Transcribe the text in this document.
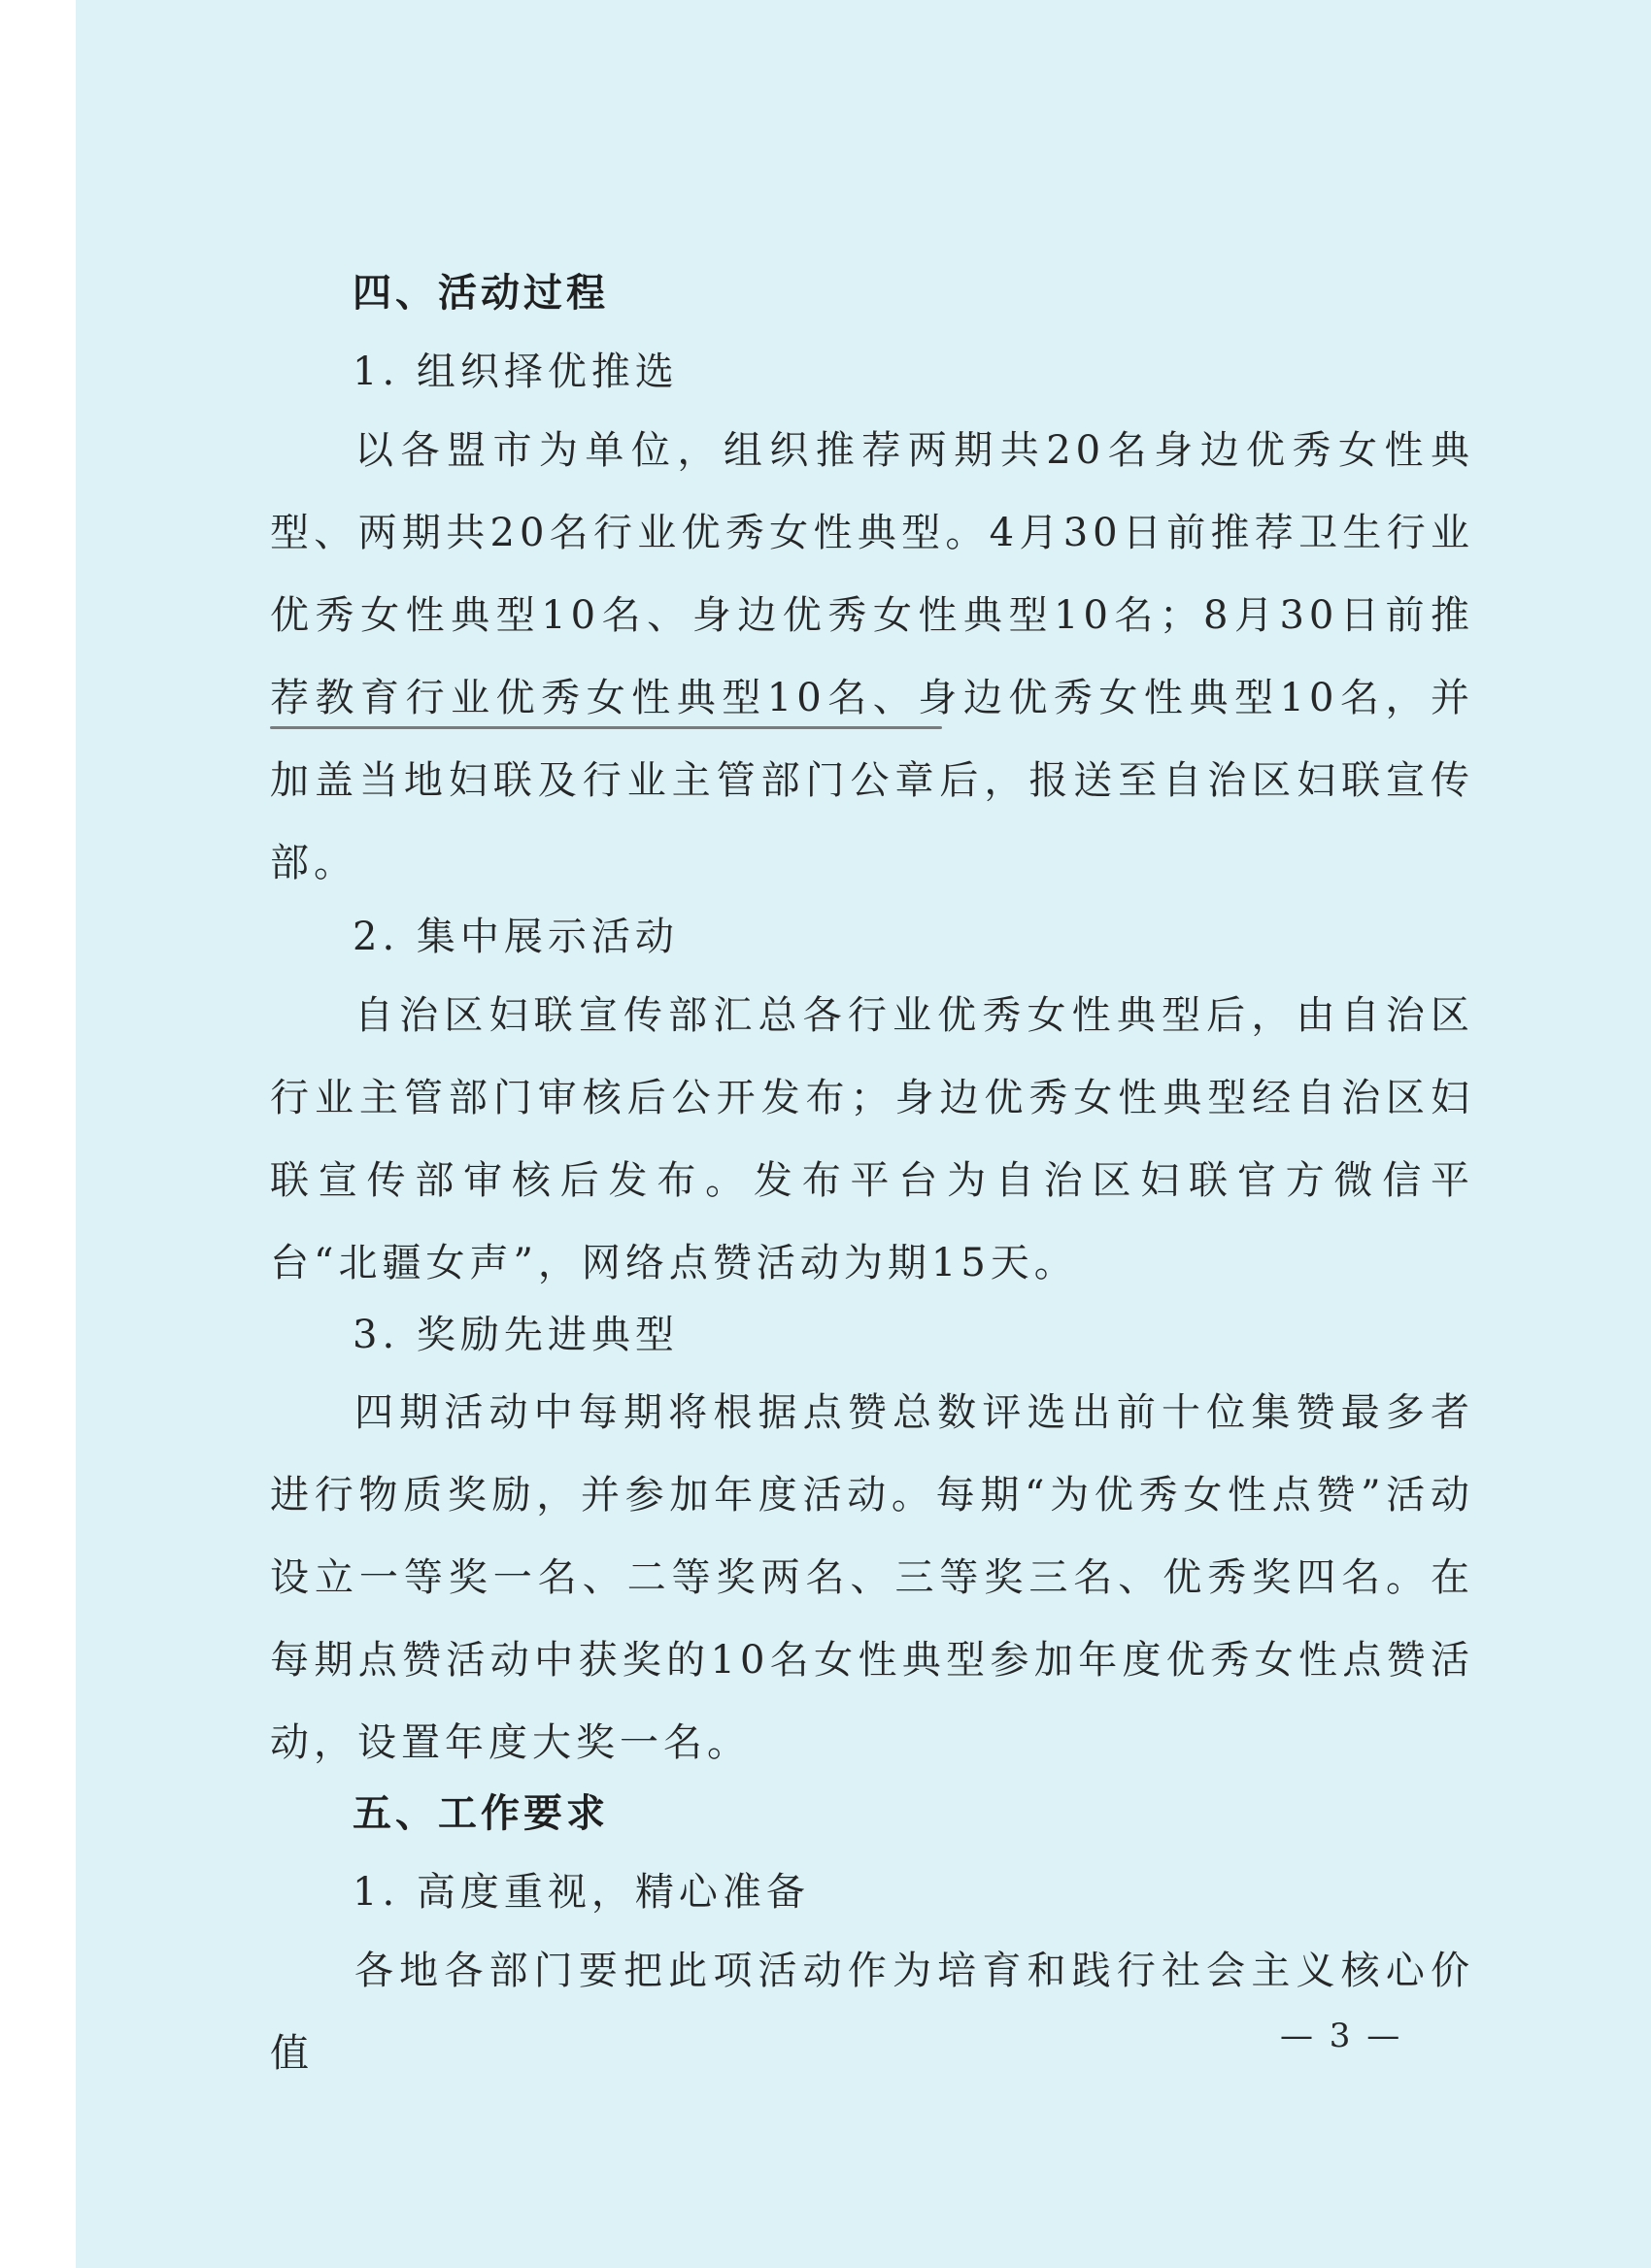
四、活动过程

1. 组织择优推选

以各盟市为单位，组织推荐两期共20名身边优秀女性典型、两期共20名行业优秀女性典型。4月30日前推荐卫生行业优秀女性典型10名、身边优秀女性典型10名；8月30日前推荐教育行业优秀女性典型10名、身边优秀女性典型10名，并加盖当地妇联及行业主管部门公章后，报送至自治区妇联宣传部。

2. 集中展示活动

自治区妇联宣传部汇总各行业优秀女性典型后，由自治区行业主管部门审核后公开发布；身边优秀女性典型经自治区妇联宣传部审核后发布。发布平台为自治区妇联官方微信平台“北疆女声”，网络点赞活动为期15天。

3. 奖励先进典型

四期活动中每期将根据点赞总数评选出前十位集赞最多者进行物质奖励，并参加年度活动。每期“为优秀女性点赞”活动设立一等奖一名、二等奖两名、三等奖三名、优秀奖四名。在每期点赞活动中获奖的10名女性典型参加年度优秀女性点赞活动，设置年度大奖一名。

五、工作要求

1. 高度重视，精心准备

各地各部门要把此项活动作为培育和践行社会主义核心价值	— 3 —
